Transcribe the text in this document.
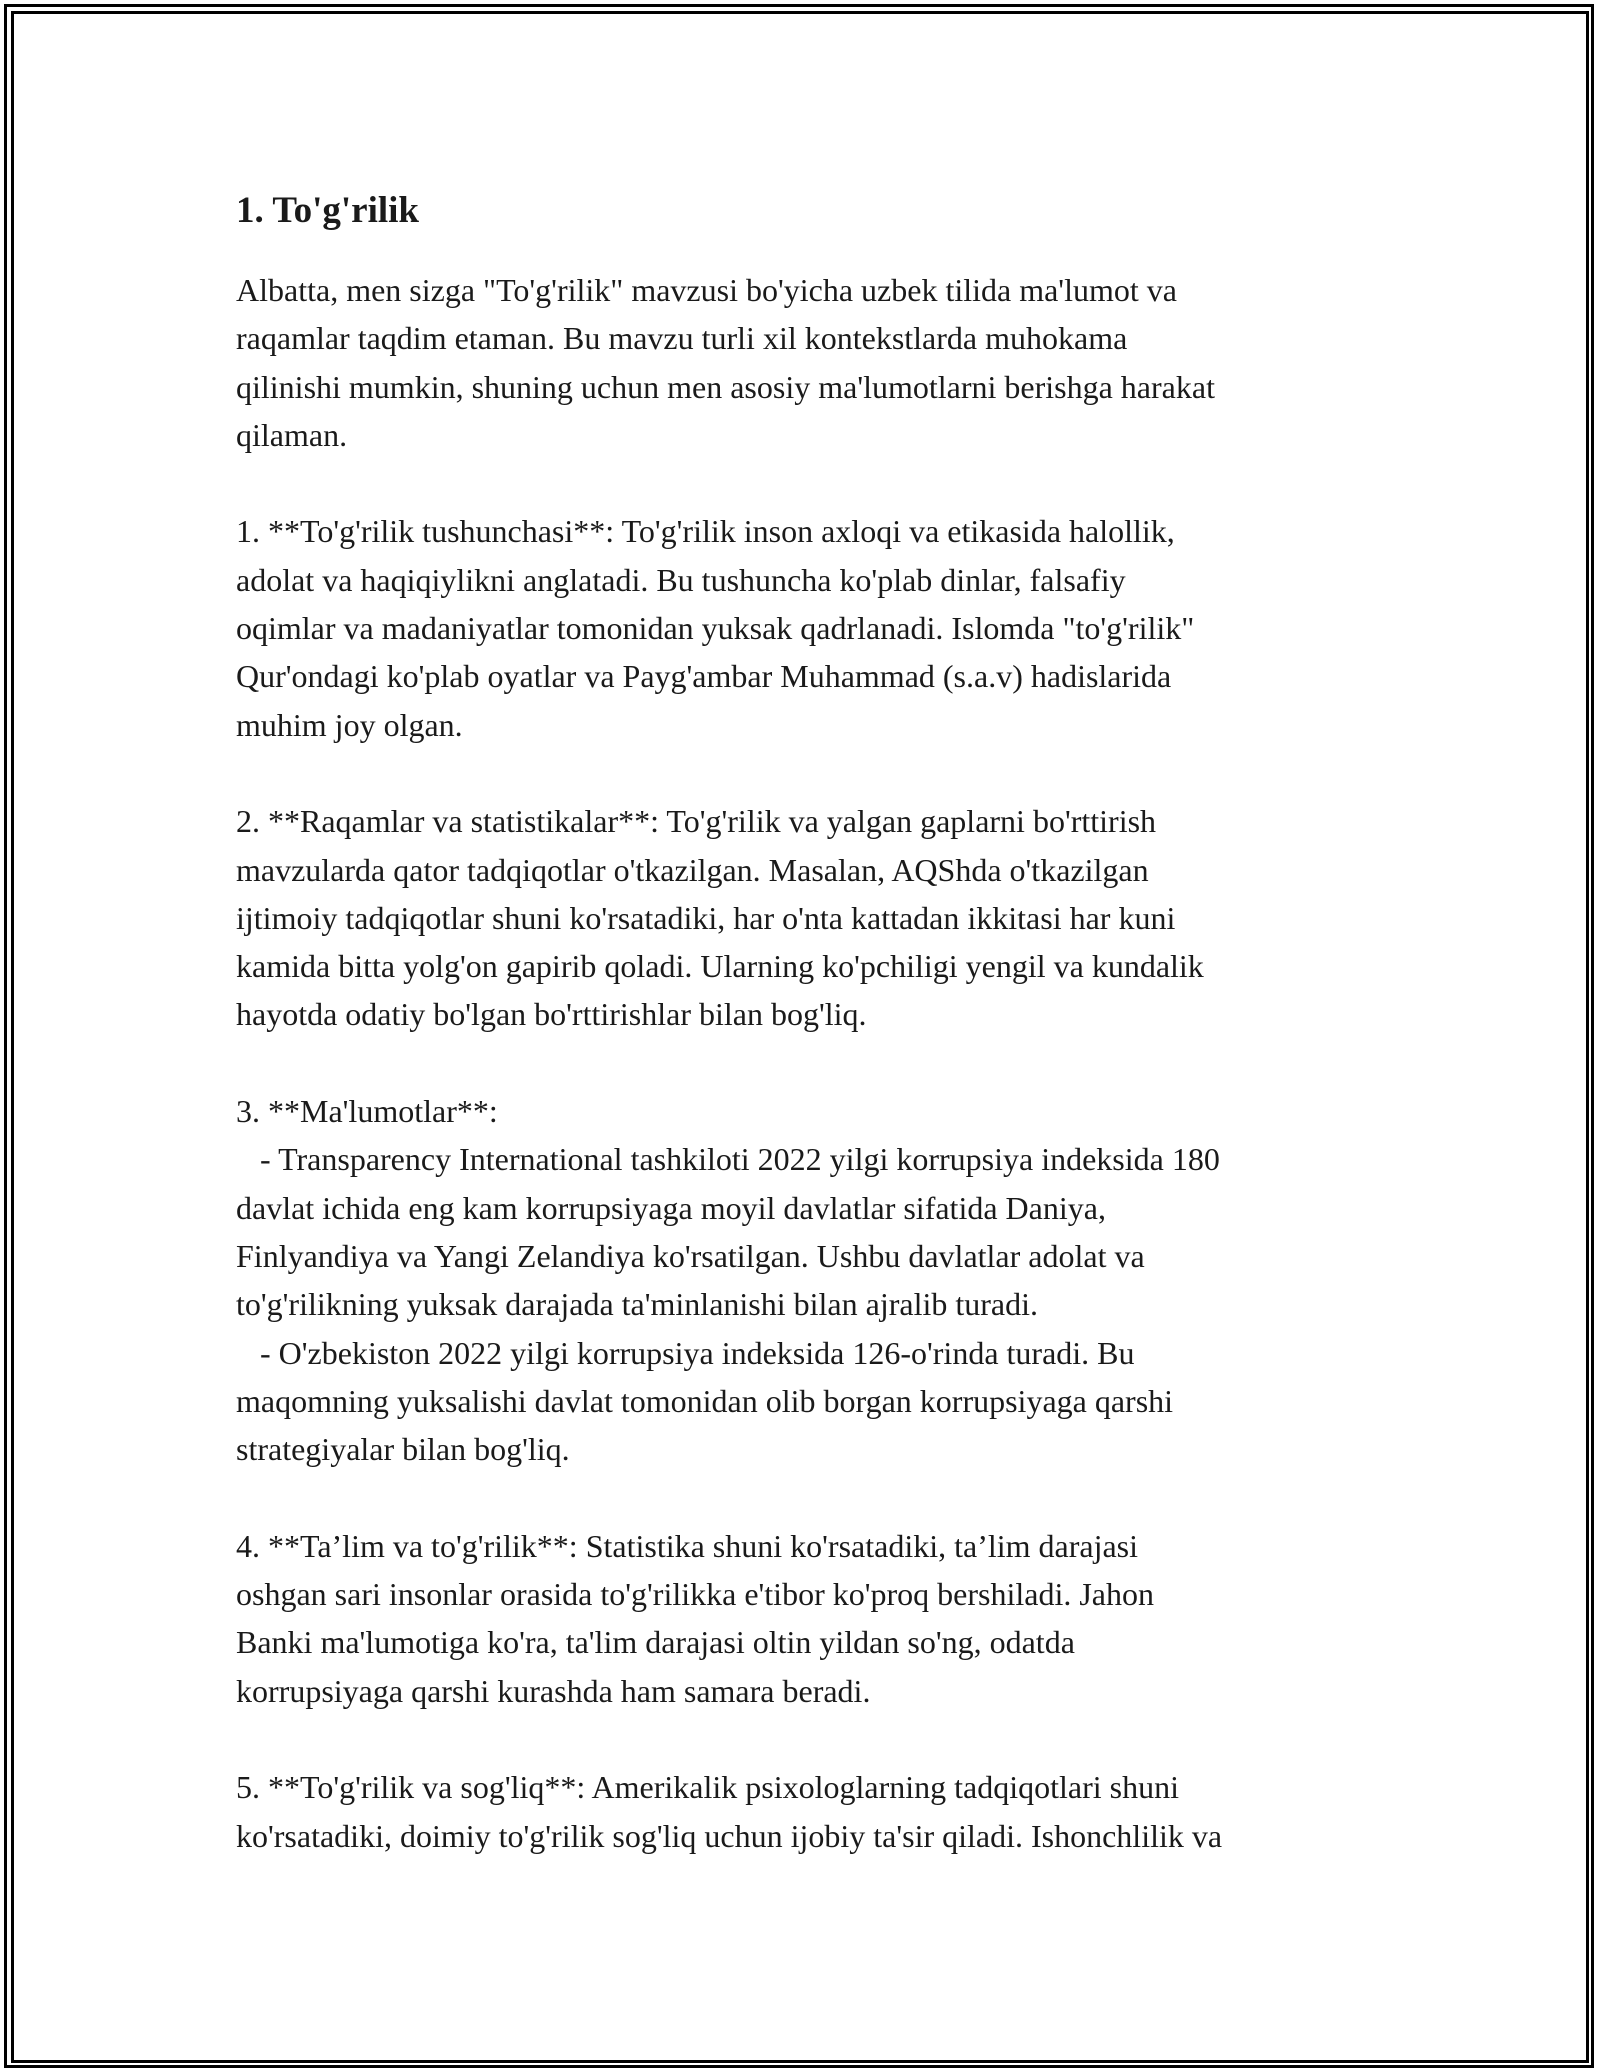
1. To'g'rilik

Albatta, men sizga "To'g'rilik" mavzusi bo'yicha uzbek tilida ma'lumot va
raqamlar taqdim etaman. Bu mavzu turli xil kontekstlarda muhokama
qilinishi mumkin, shuning uchun men asosiy ma'lumotlarni berishga harakat
qilaman.

1. **To'g'rilik tushunchasi**: To'g'rilik inson axloqi va etikasida halollik,
adolat va haqiqiylikni anglatadi. Bu tushuncha ko'plab dinlar, falsafiy
oqimlar va madaniyatlar tomonidan yuksak qadrlanadi. Islomda "to'g'rilik"
Qur'ondagi ko'plab oyatlar va Payg'ambar Muhammad (s.a.v) hadislarida
muhim joy olgan.

2. **Raqamlar va statistikalar**: To'g'rilik va yalgan gaplarni bo'rttirish
mavzularda qator tadqiqotlar o'tkazilgan. Masalan, AQShda o'tkazilgan
ijtimoiy tadqiqotlar shuni ko'rsatadiki, har o'nta kattadan ikkitasi har kuni
kamida bitta yolg'on gapirib qoladi. Ularning ko'pchiligi yengil va kundalik
hayotda odatiy bo'lgan bo'rttirishlar bilan bog'liq.

3. **Ma'lumotlar**:
- Transparency International tashkiloti 2022 yilgi korrupsiya indeksida 180
davlat ichida eng kam korrupsiyaga moyil davlatlar sifatida Daniya,
Finlyandiya va Yangi Zelandiya ko'rsatilgan. Ushbu davlatlar adolat va
to'g'rilikning yuksak darajada ta'minlanishi bilan ajralib turadi.
- O'zbekiston 2022 yilgi korrupsiya indeksida 126-o'rinda turadi. Bu
maqomning yuksalishi davlat tomonidan olib borgan korrupsiyaga qarshi
strategiyalar bilan bog'liq.

4. **Ta’lim va to'g'rilik**: Statistika shuni ko'rsatadiki, ta’lim darajasi
oshgan sari insonlar orasida to'g'rilikka e'tibor ko'proq bershiladi. Jahon
Banki ma'lumotiga ko'ra, ta'lim darajasi oltin yildan so'ng, odatda
korrupsiyaga qarshi kurashda ham samara beradi.

5. **To'g'rilik va sog'liq**: Amerikalik psixologlarning tadqiqotlari shuni
ko'rsatadiki, doimiy to'g'rilik sog'liq uchun ijobiy ta'sir qiladi. Ishonchlilik va
